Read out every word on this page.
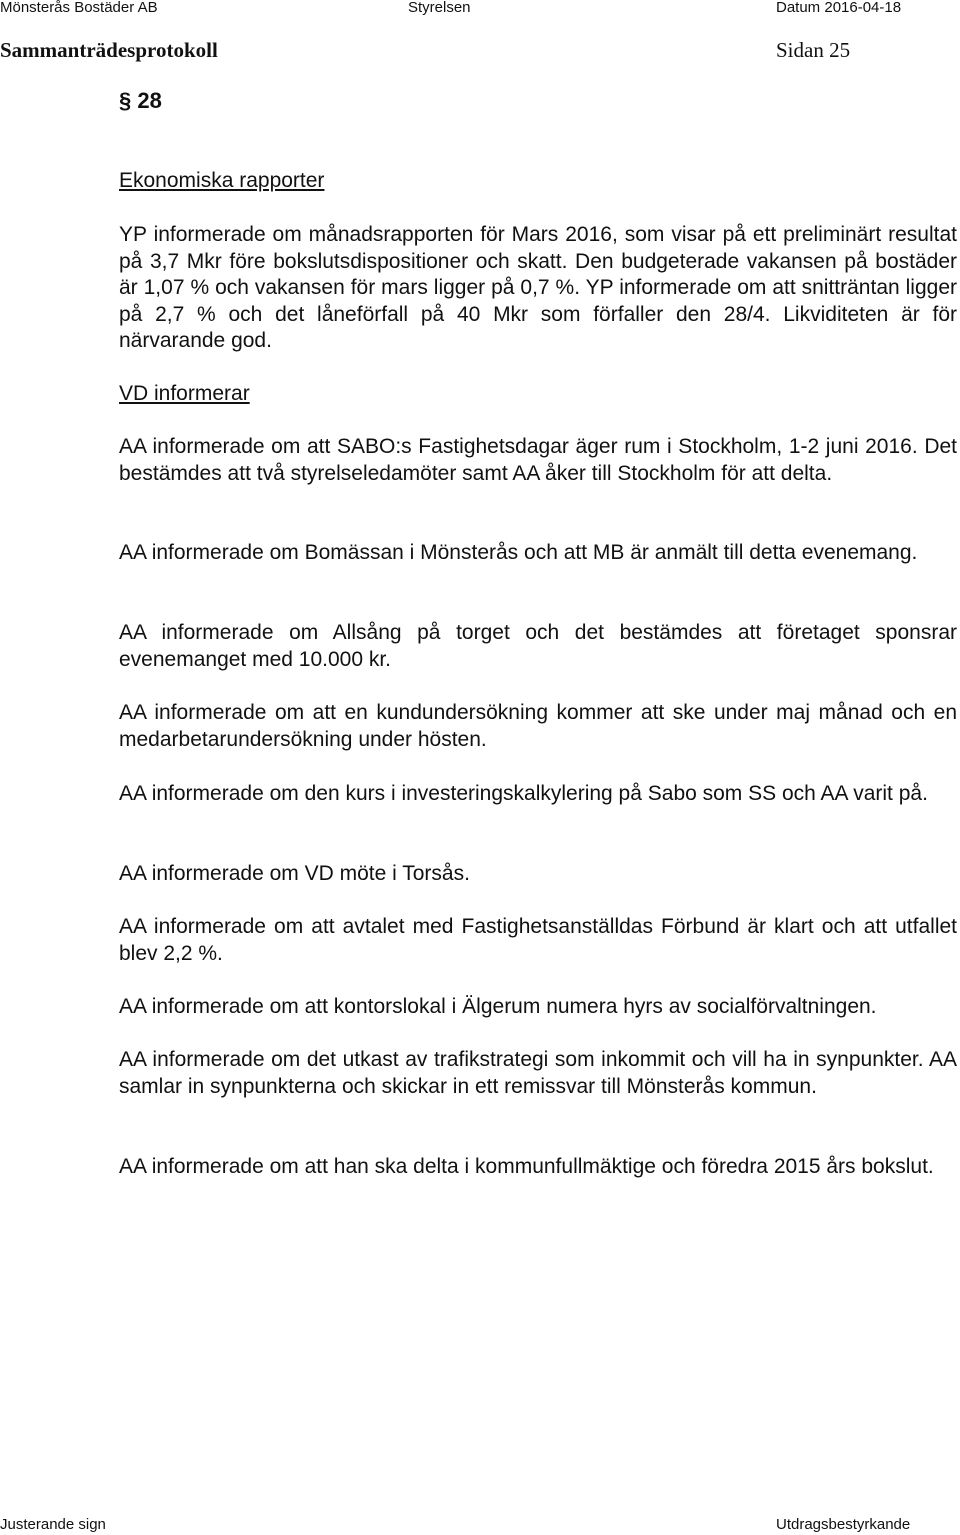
Mönsterås Bostäder AB	Styrelsen	Datum 2016-04-18
Sammanträdesprotokoll	Sidan 25
§ 28
Ekonomiska rapporter
YP informerade om månadsrapporten för Mars 2016, som visar på ett preliminärt resultat på 3,7 Mkr före bokslutsdispositioner och skatt. Den budgeterade vakansen på bostäder är 1,07 % och vakansen för mars ligger på 0,7 %. YP informerade om att snitträntan ligger på 2,7 % och det låneförfall på 40 Mkr som förfaller den 28/4. Likviditeten är för närvarande god.
VD informerar
AA informerade om att SABO:s Fastighetsdagar äger rum i Stockholm, 1-2 juni 2016. Det bestämdes att två styrelseledamöter samt AA åker till Stockholm för att delta.
AA informerade om Bomässan i Mönsterås och att MB är anmält till detta evenemang.
AA informerade om Allsång på torget och det bestämdes att företaget sponsrar evenemanget med 10.000 kr.
AA informerade om att en kundundersökning kommer att ske under maj månad och en medarbetarundersökning under hösten.
AA informerade om den kurs i investeringskalkylering på Sabo som SS och AA varit på.
AA informerade om VD möte i Torsås.
AA informerade om att avtalet med Fastighetsanställdas Förbund är klart och att utfallet blev 2,2 %.
AA informerade om att kontorslokal i Älgerum numera hyrs av socialförvaltningen.
AA informerade om det utkast av trafikstrategi som inkommit och vill ha in synpunkter. AA samlar in synpunkterna och skickar in ett remissvar till Mönsterås kommun.
AA informerade om att han ska delta i kommunfullmäktige och föredra 2015 års bokslut.
Justerande sign	Utdragsbestyrkande
